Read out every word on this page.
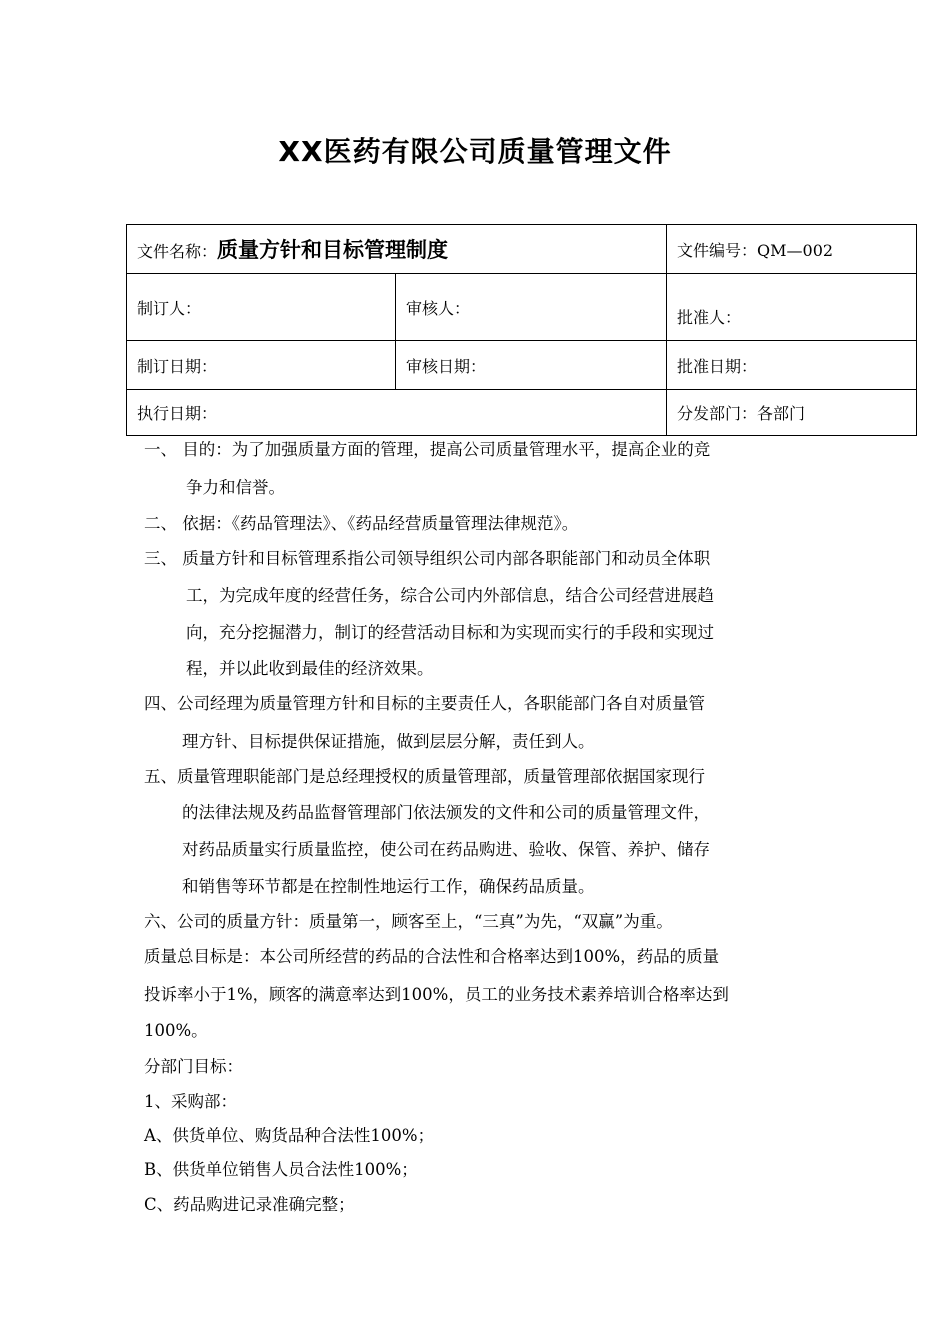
XX医药有限公司质量管理文件
文件名称：质量方针和目标管理制度		文件编号：QM—002
制订人：	审核人：	批准人：
制订日期：	审核日期：	批准日期：
执行日期：		分发部门：各部门
一、 目的：为了加强质量方面的管理，提高公司质量管理水平，提高企业的竞
争力和信誉。
二、 依据：《药品管理法》、《药品经营质量管理法律规范》。
三、 质量方针和目标管理系指公司领导组织公司内部各职能部门和动员全体职
工，为完成年度的经营任务，综合公司内外部信息，结合公司经营进展趋
向，充分挖掘潜力，制订的经营活动目标和为实现而实行的手段和实现过
程，并以此收到最佳的经济效果。
四、公司经理为质量管理方针和目标的主要责任人，各职能部门各自对质量管
理方针、目标提供保证措施，做到层层分解，责任到人。
五、质量管理职能部门是总经理授权的质量管理部，质量管理部依据国家现行
的法律法规及药品监督管理部门依法颁发的文件和公司的质量管理文件，
对药品质量实行质量监控，使公司在药品购进、验收、保管、养护、储存
和销售等环节都是在控制性地运行工作，确保药品质量。
六、公司的质量方针：质量第一，顾客至上，“三真”为先，“双赢”为重。
质量总目标是：本公司所经营的药品的合法性和合格率达到100%，药品的质量
投诉率小于1%，顾客的满意率达到100%，员工的业务技术素养培训合格率达到
100%。
分部门目标：
1、采购部：
A、供货单位、购货品种合法性100%；
B、供货单位销售人员合法性100%；
C、药品购进记录准确完整；
